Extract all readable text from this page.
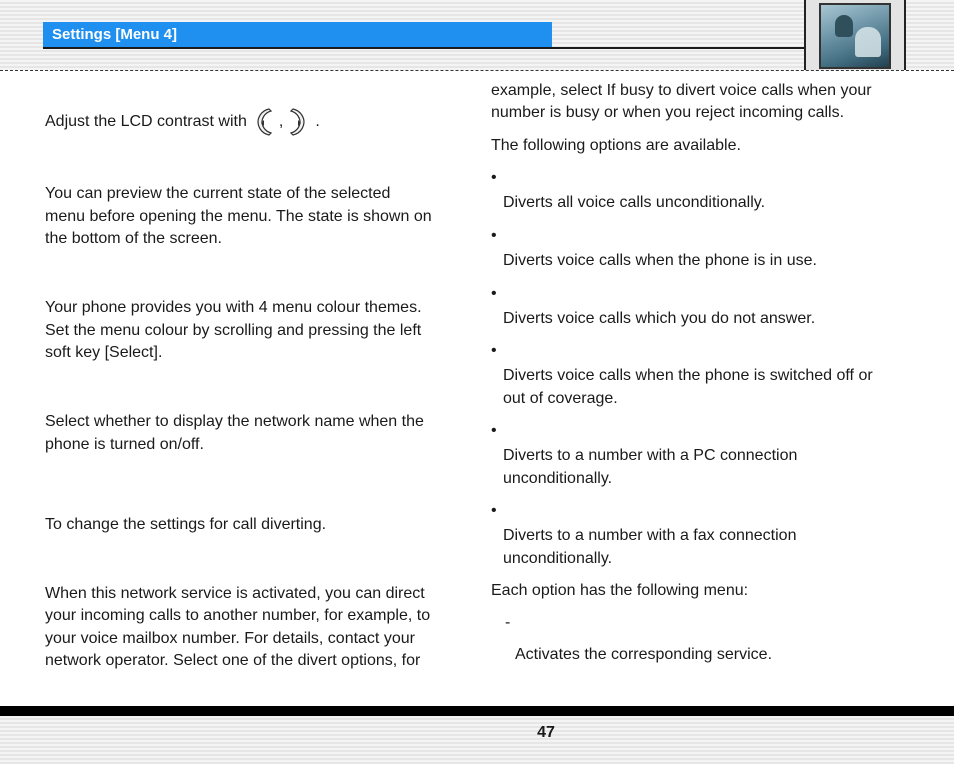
Settings [Menu 4]
Adjust the LCD contrast with , .

You can preview the current state of the selected

menu before opening the menu. The state is shown on

the bottom of the screen.

Your phone provides you with 4 menu colour themes.

Set the menu colour by scrolling and pressing the left

soft key [Select].

Select whether to display the network name when the

phone is turned on/off.

To change the settings for call diverting.

When this network service is activated, you can direct

your incoming calls to another number, for example, to

your voice mailbox number. For details, contact your

network operator. Select one of the divert options, for

example, select If busy to divert voice calls when your

number is busy or when you reject incoming calls.

The following options are available.

•

Diverts all voice calls unconditionally.

•

Diverts voice calls when the phone is in use.

•

Diverts voice calls which you do not answer.

•

Diverts voice calls when the phone is switched off or

out of coverage.

•

Diverts to a number with a PC connection

unconditionally.

•

Diverts to a number with a fax connection

unconditionally.

Each option has the following menu:

-

Activates the corresponding service.

47
